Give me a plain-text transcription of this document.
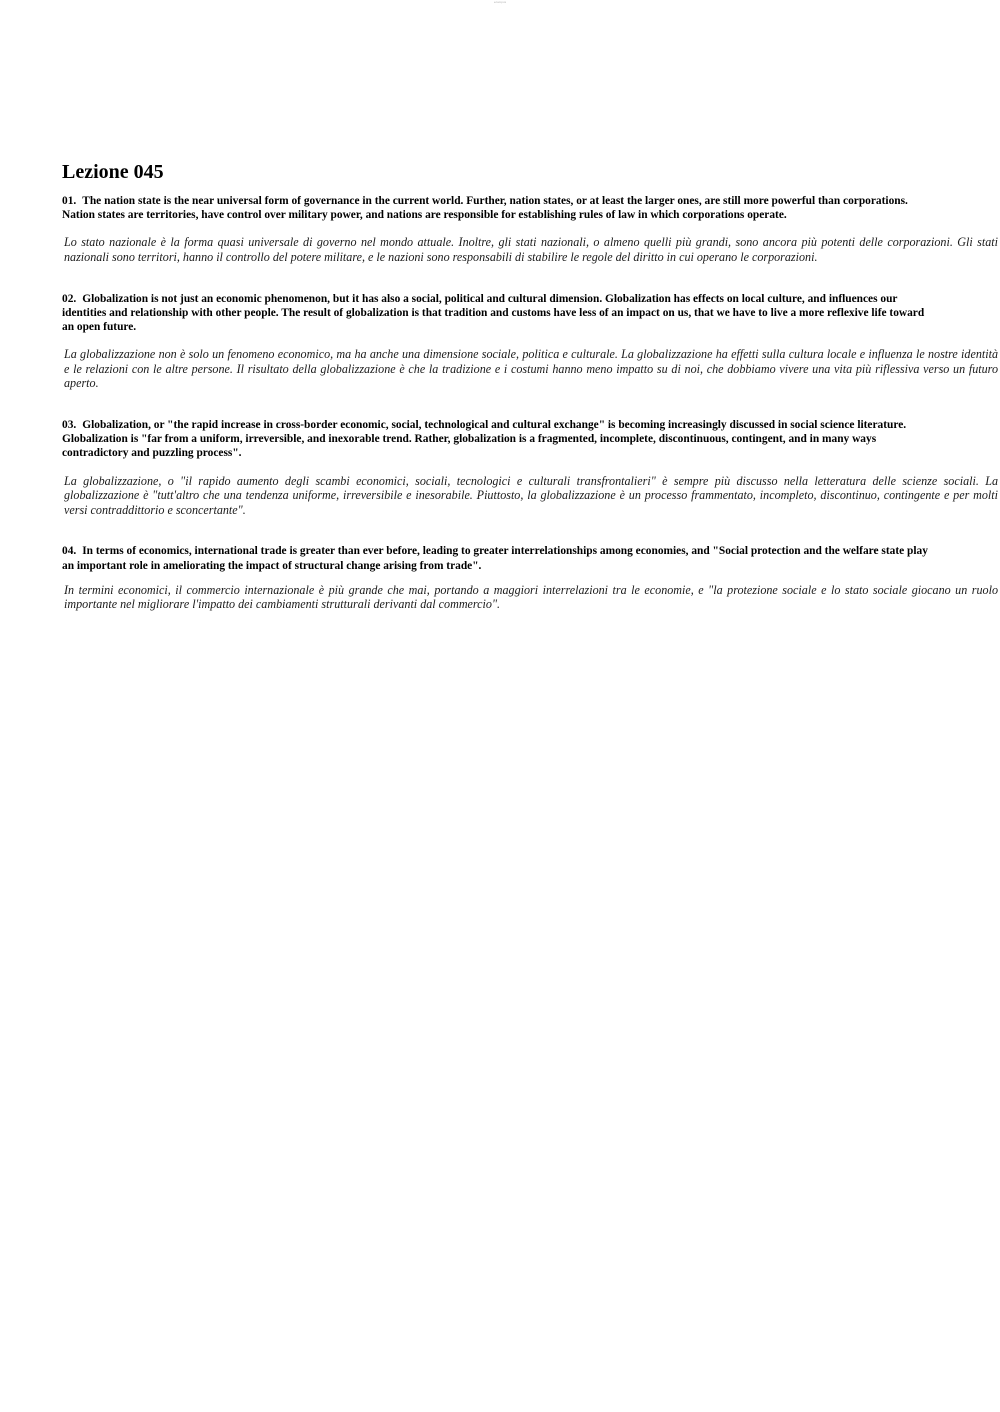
ecampus
Lezione 045

01. The nation state is the near universal form of governance in the current world. Further, nation states, or at least the larger ones, are still more powerful than corporations. Nation states are territories, have control over military power, and nations are responsible for establishing rules of law in which corporations operate.

Lo stato nazionale è la forma quasi universale di governo nel mondo attuale. Inoltre, gli stati nazionali, o almeno quelli più grandi, sono ancora più potenti delle corporazioni. Gli stati nazionali sono territori, hanno il controllo del potere militare, e le nazioni sono responsabili di stabilire le regole del diritto in cui operano le corporazioni.

02. Globalization is not just an economic phenomenon, but it has also a social, political and cultural dimension. Globalization has effects on local culture, and influences our identities and relationship with other people. The result of globalization is that tradition and customs have less of an impact on us, that we have to live a more reflexive life toward an open future.

La globalizzazione non è solo un fenomeno economico, ma ha anche una dimensione sociale, politica e culturale. La globalizzazione ha effetti sulla cultura locale e influenza le nostre identità e le relazioni con le altre persone. Il risultato della globalizzazione è che la tradizione e i costumi hanno meno impatto su di noi, che dobbiamo vivere una vita più riflessiva verso un futuro aperto.

03. Globalization, or "the rapid increase in cross-border economic, social, technological and cultural exchange" is becoming increasingly discussed in social science literature. Globalization is "far from a uniform, irreversible, and inexorable trend. Rather, globalization is a fragmented, incomplete, discontinuous, contingent, and in many ways contradictory and puzzling process".

La globalizzazione, o "il rapido aumento degli scambi economici, sociali, tecnologici e culturali transfrontalieri" è sempre più discusso nella letteratura delle scienze sociali. La globalizzazione è "tutt'altro che una tendenza uniforme, irreversibile e inesorabile. Piuttosto, la globalizzazione è un processo frammentato, incompleto, discontinuo, contingente e per molti versi contraddittorio e sconcertante".

04. In terms of economics, international trade is greater than ever before, leading to greater interrelationships among economies, and "Social protection and the welfare state play an important role in ameliorating the impact of structural change arising from trade".

In termini economici, il commercio internazionale è più grande che mai, portando a maggiori interrelazioni tra le economie, e "la protezione sociale e lo stato sociale giocano un ruolo importante nel migliorare l'impatto dei cambiamenti strutturali derivanti dal commercio".
